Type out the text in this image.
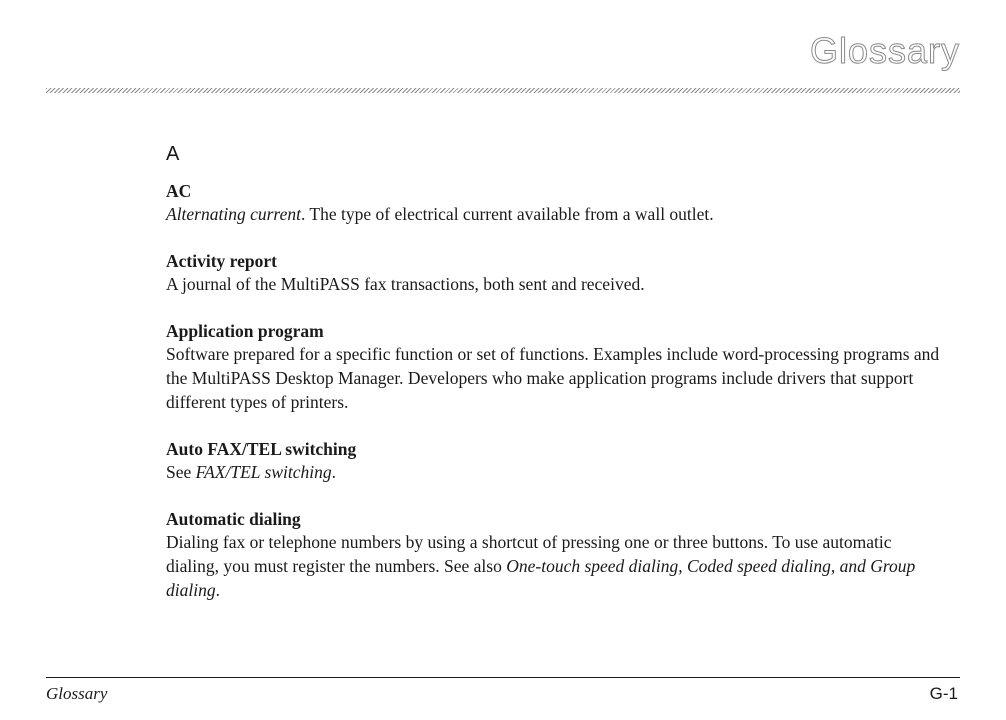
Glossary
A

AC

Alternating current. The type of electrical current available from a wall outlet.

Activity report

A journal of the MultiPASS fax transactions, both sent and received.

Application program

Software prepared for a specific function or set of functions. Examples include word-processing programs and the MultiPASS Desktop Manager. Developers who make application programs include drivers that support different types of printers.

Auto FAX/TEL switching

See FAX/TEL switching.

Automatic dialing

Dialing fax or telephone numbers by using a shortcut of pressing one or three buttons. To use automatic dialing, you must register the numbers. See also One-touch speed dialing, Coded speed dialing, and Group dialing.

Glossary	G-1
